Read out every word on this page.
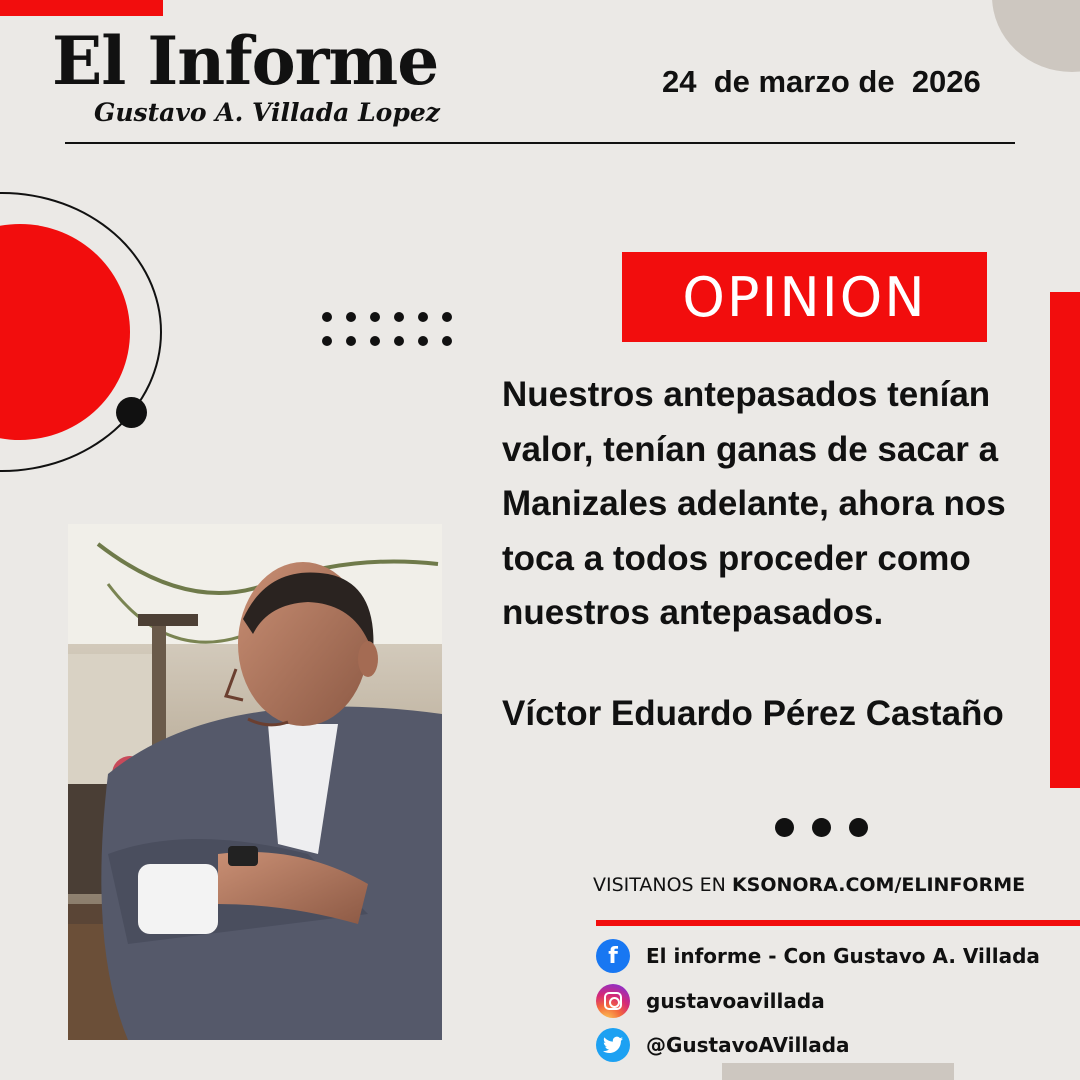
El Informe
Gustavo A. Villada Lopez
24  de marzo de  2026
OPINION
Nuestros antepasados tenían valor, tenían ganas de sacar a Manizales adelante, ahora nos toca a todos proceder como nuestros antepasados.
Víctor Eduardo Pérez Castaño
VISITANOS EN KSONORA.COM/ELINFORME
f	El informe - Con Gustavo A. Villada
gustavoavillada
@GustavoAVillada
